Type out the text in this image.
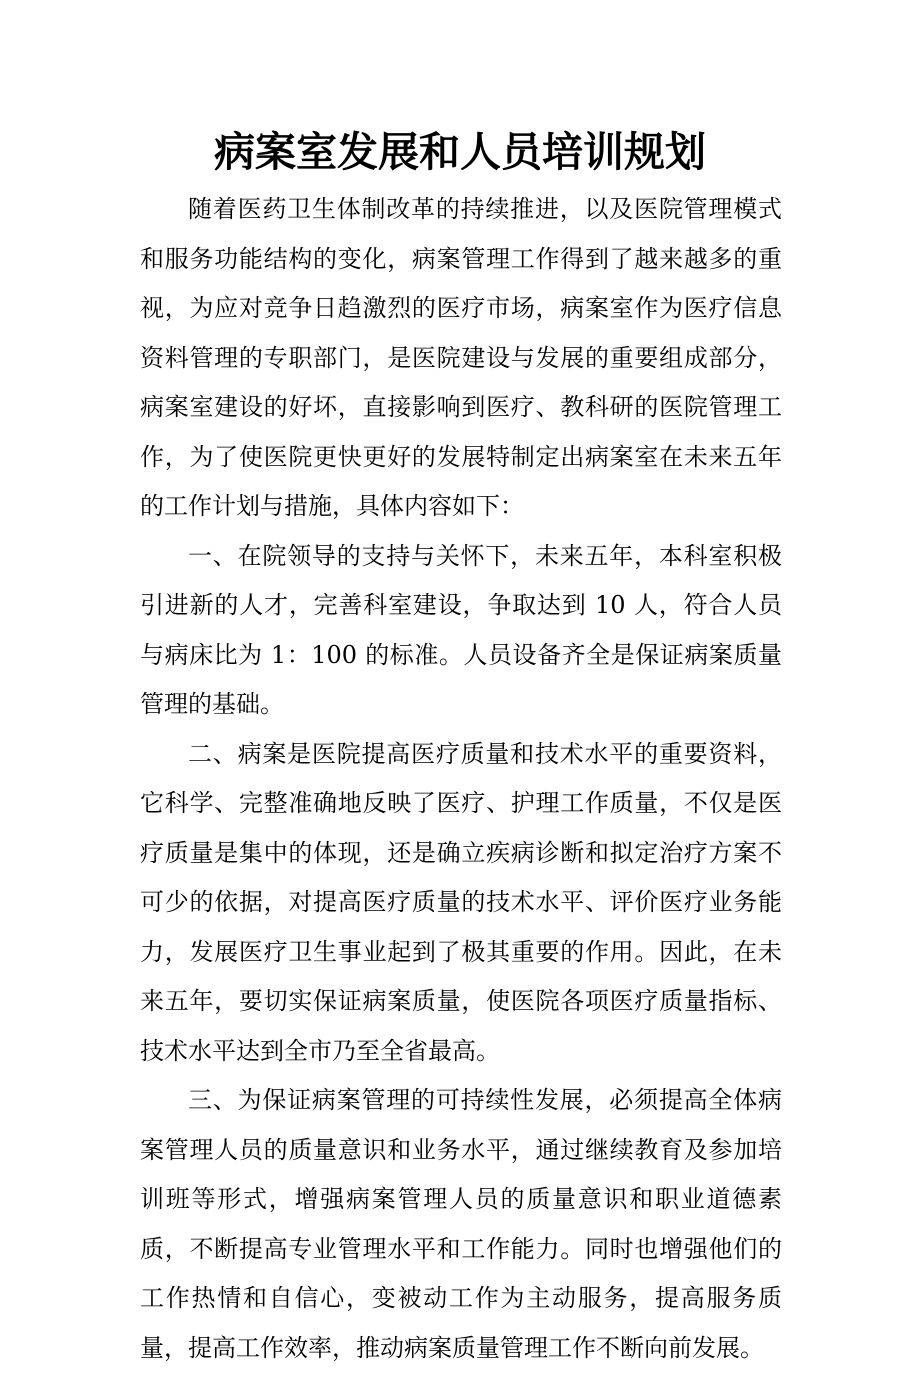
病案室发展和人员培训规划

随着医药卫生体制改革的持续推进，以及医院管理模式和服务功能结构的变化，病案管理工作得到了越来越多的重视，为应对竞争日趋激烈的医疗市场，病案室作为医疗信息资料管理的专职部门，是医院建设与发展的重要组成部分，病案室建设的好坏，直接影响到医疗、教科研的医院管理工作，为了使医院更快更好的发展特制定出病案室在未来五年的工作计划与措施，具体内容如下：

一、在院领导的支持与关怀下，未来五年，本科室积极引进新的人才，完善科室建设，争取达到 10 人，符合人员与病床比为 1：100 的标准。人员设备齐全是保证病案质量管理的基础。

二、病案是医院提高医疗质量和技术水平的重要资料，它科学、完整准确地反映了医疗、护理工作质量，不仅是医疗质量是集中的体现，还是确立疾病诊断和拟定治疗方案不可少的依据，对提高医疗质量的技术水平、评价医疗业务能力，发展医疗卫生事业起到了极其重要的作用。因此，在未来五年，要切实保证病案质量，使医院各项医疗质量指标、技术水平达到全市乃至全省最高。

三、为保证病案管理的可持续性发展，必须提高全体病案管理人员的质量意识和业务水平，通过继续教育及参加培训班等形式，增强病案管理人员的质量意识和职业道德素质，不断提高专业管理水平和工作能力。同时也增强他们的工作热情和自信心，变被动工作为主动服务，提高服务质量，提高工作效率，推动病案质量管理工作不断向前发展。
